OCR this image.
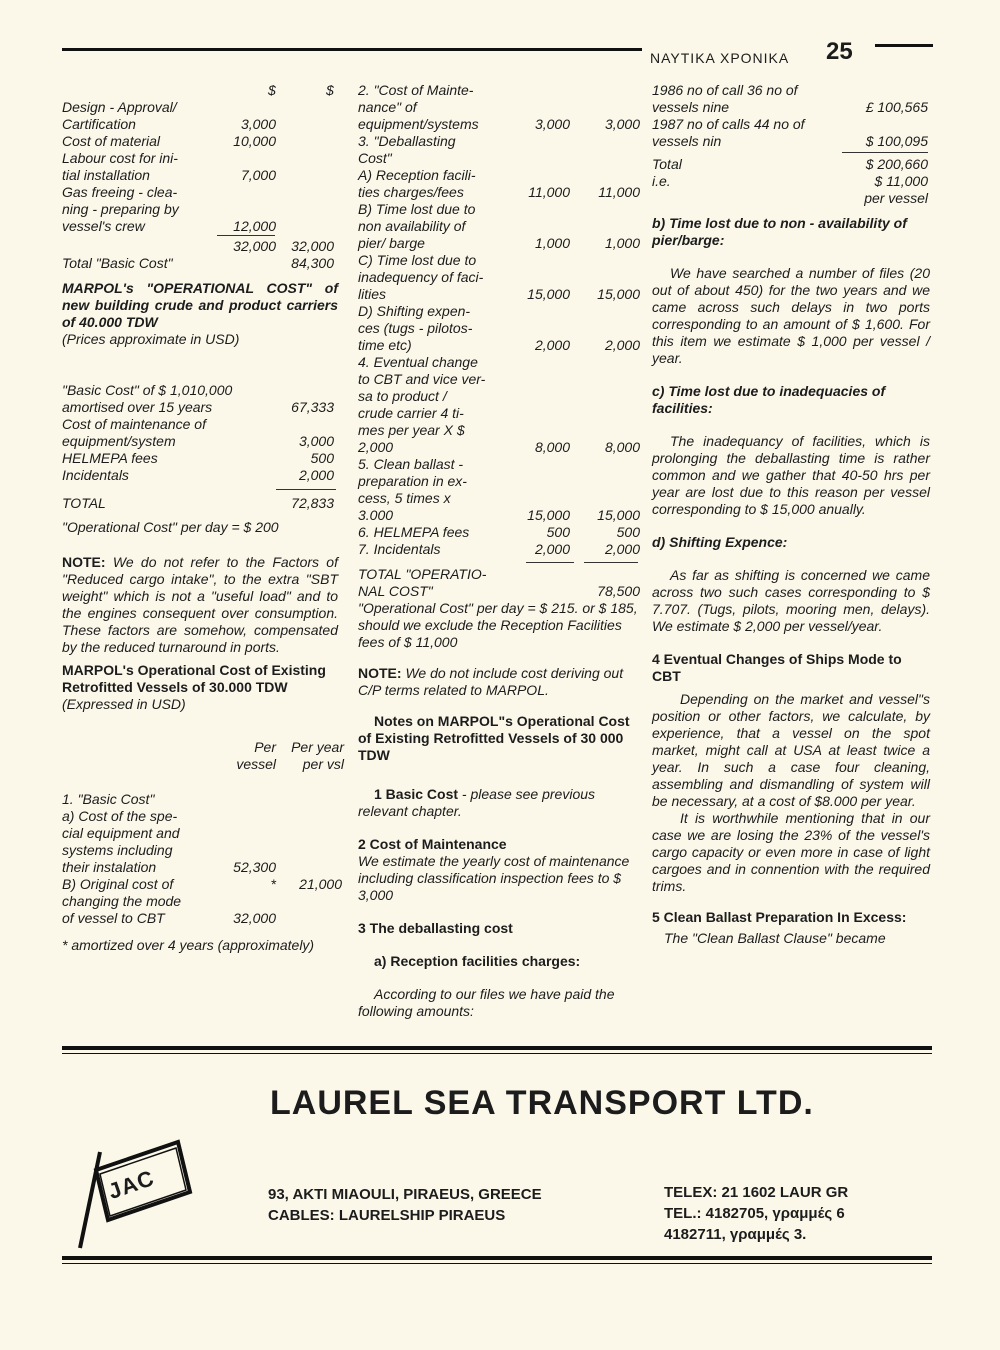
ΝΑΥΤΙΚΑ ΧΡΟΝΙΚΑ 25
$	$
Design - Approval/
Cartification	3,000
Cost of material	10,000
Labour cost for ini-
tial installation	7,000
Gas freeing - clea-
ning - preparing by
vessel's crew	12,000
32,000 32,000
Total "Basic Cost"	84,300

MARPOL's "OPERATIONAL COST" of new building crude and product carriers of 40.000 TDW

(Prices approximate in USD)

"Basic Cost" of $ 1,010,000
amortised over 15 years	67,333
Cost of maintenance of
equipment/system	3,000
HELMEPA fees	500
Incidentals	2,000
TOTAL	72,833

"Operational Cost" per day = $ 200

NOTE: We do not refer to the Factors of "Reduced cargo intake", to the extra "SBT weight" which is not a "useful load" and to the engines consequent over consumption. These factors are somehow, compensated by the reduced turnaround in ports.

MARPOL's Operational Cost of Existing Retrofitted Vessels of 30.000 TDW

(Expressed in USD)

Per vessel
Per year per vsl
1. "Basic Cost"
a) Cost of the spe-
cial equipment and
systems including
their instalation	52,300
B) Original cost of	* 21,000
changing the mode
of vessel to CBT	32,000

* amortized over 4 years (approximately)

2. "Cost of Mainte-
nance" of
equipment/systems	3,000 3,000
3. "Deballasting
Cost"
A) Reception facili-
ties charges/fees	11,000 11,000
B) Time lost due to
non availability of
pier/ barge	1,000 1,000
C) Time lost due to
inadequency of faci-
lities	15,000 15,000
D) Shifting expen-
ces (tugs - pilotos-
time etc)	2,000 2,000
4. Eventual change
to CBT and vice ver-
sa to product /
crude carrier 4 ti-
mes per year X $
2,000	8,000 8,000
5. Clean ballast -
preparation in ex-
cess, 5 times x
3.000	15,000 15,000
6. HELMEPA fees	500	500
7. Incidentals	2,000 2,000
TOTAL "OPERATIO-
NAL COST"	78,500

"Operational Cost" per day = $ 215. or $ 185, should we exclude the Reception Facilities fees of $ 11,000

NOTE: We do not include cost deriving out C/P terms related to MARPOL.

Notes on MARPOL"s Operational Cost of Existing Retrofitted Vessels of 30 000 TDW

1 Basic Cost - please see previous relevant chapter.

2 Cost of Maintenance

We estimate the yearly cost of maintenance including classification inspection fees to $ 3,000

3 The deballasting cost

a) Reception facilities charges:

According to our files we have paid the following amounts:

1986 no of call 36 no of
vessels nine	£ 100,565
1987 no of calls 44 no of
vessels nin	$ 100,095
Total	$ 200,660
i.e.	$ 11,000
per vessel

b) Time lost due to non - availability of pier/barge:

We have searched a number of files (20 out of about 450) for the two years and we came across such delays in two ports corresponding to an amount of $ 1,600. For this item we estimate $ 1,000 per vessel / year.

c) Time lost due to inadequacies of facilities:

The inadequancy of facilities, which is prolonging the deballasting time is rather common and we gather that 40-50 hrs per year are lost due to this reason per vessel corresponding to $ 15,000 anually.

d) Shifting Expence:

As far as shifting is concerned we came across two such cases corresponding to $ 7.707. (Tugs, pilots, mooring men, delays). We estimate $ 2,000 per vessel/year.

4 Eventual Changes of Ships Mode to CBT

Depending on the market and vessel"s position or other factors, we calculate, by experience, that a vessel on the spot market, might call at USA at least twice a year. In such a case four cleaning, assembling and dismandling of system will be necessary, at a cost of $8.000 per year.

It is worthwhile mentioning that in our case we are losing the 23% of the vessel's cargo capacity or even more in case of light cargoes and in connention with the required trims.

5 Clean Ballast Preparation In Excess:

The "Clean Ballast Clause" became

LAUREL SEA TRANSPORT LTD.
JAC	93, AKTI MIAOULI, PIRAEUS, GREECE
CABLES: LAURELSHIP PIRAEUS
TELEX: 21 1602 LAUR GR
TEL.: 4182705, γραμμές 6
4182711, γραμμές 3.
